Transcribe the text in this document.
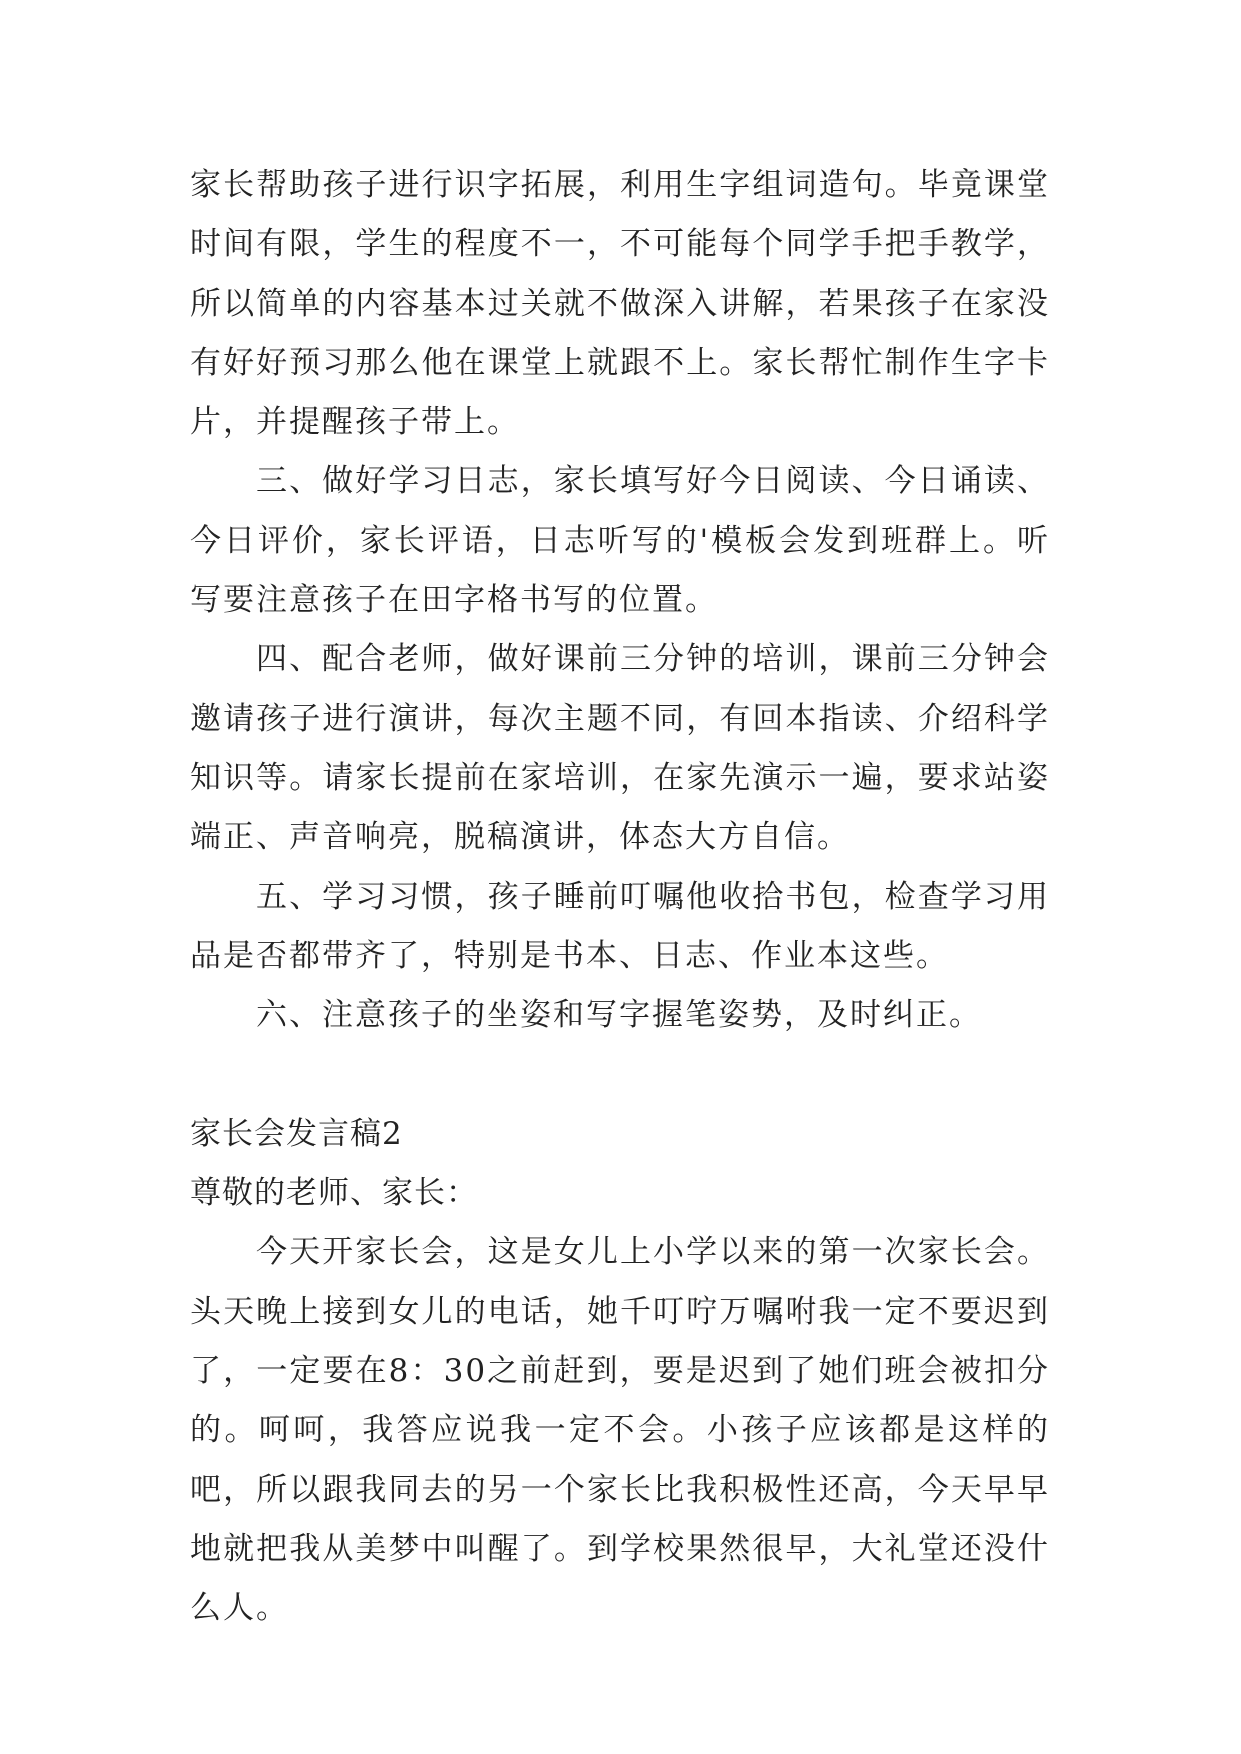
家长帮助孩子进行识字拓展，利用生字组词造句。毕竟课堂时间有限，学生的程度不一，不可能每个同学手把手教学，所以简单的内容基本过关就不做深入讲解，若果孩子在家没有好好预习那么他在课堂上就跟不上。家长帮忙制作生字卡片，并提醒孩子带上。

三、做好学习日志，家长填写好今日阅读、今日诵读、今日评价，家长评语，日志听写的'模板会发到班群上。听写要注意孩子在田字格书写的位置。

四、配合老师，做好课前三分钟的培训，课前三分钟会邀请孩子进行演讲，每次主题不同，有回本指读、介绍科学知识等。请家长提前在家培训，在家先演示一遍，要求站姿端正、声音响亮，脱稿演讲，体态大方自信。

五、学习习惯，孩子睡前叮嘱他收拾书包，检查学习用品是否都带齐了，特别是书本、日志、作业本这些。

六、注意孩子的坐姿和写字握笔姿势，及时纠正。

家长会发言稿2

尊敬的老师、家长：

今天开家长会，这是女儿上小学以来的第一次家长会。头天晚上接到女儿的电话，她千叮咛万嘱咐我一定不要迟到了，一定要在8：30之前赶到，要是迟到了她们班会被扣分的。呵呵，我答应说我一定不会。小孩子应该都是这样的吧，所以跟我同去的另一个家长比我积极性还高，今天早早地就把我从美梦中叫醒了。到学校果然很早，大礼堂还没什么人。
